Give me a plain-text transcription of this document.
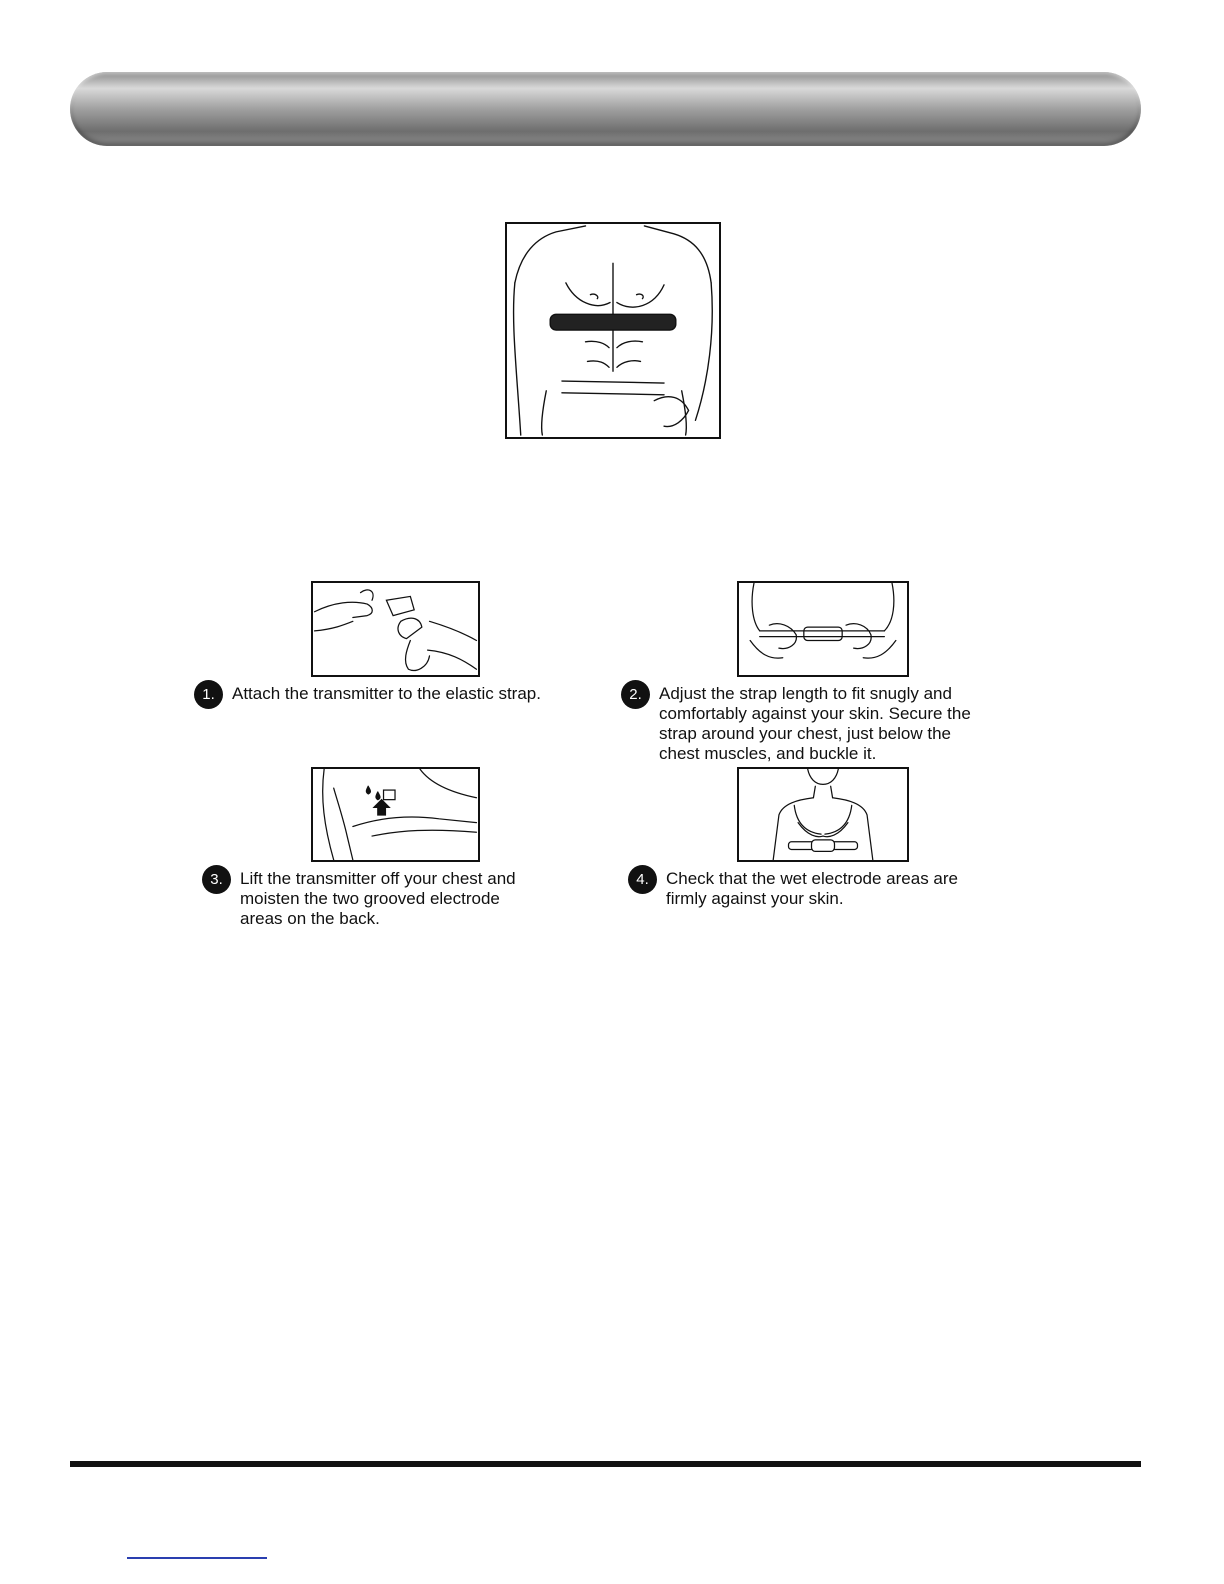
1.	Attach the transmitter to the elastic strap.	2.	Adjust the strap length to fit snugly and
comfortably against your skin. Secure the
strap around your chest, just below the
chest muscles, and buckle it.
3.	Lift the transmitter off your chest and
moisten the two grooved electrode
areas on the back.
4.	Check that the wet electrode areas are
firmly against your skin.
